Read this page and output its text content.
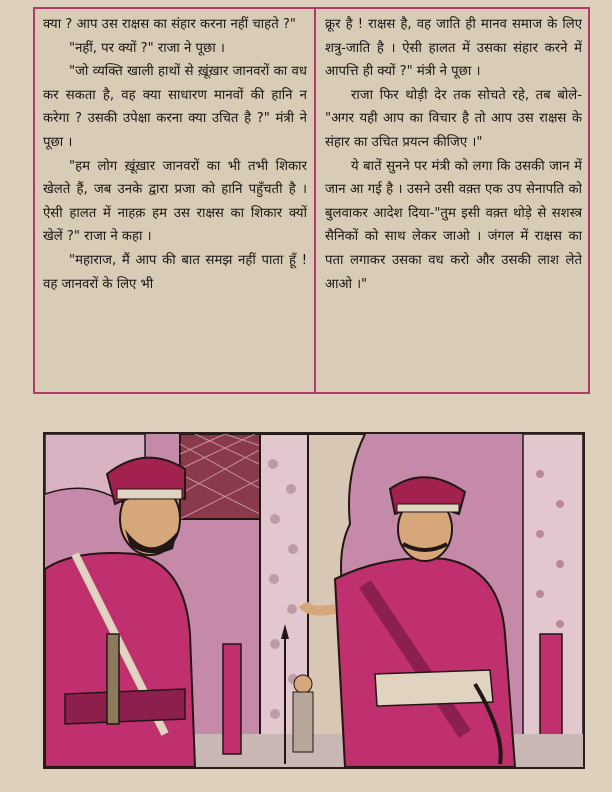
क्या ? आप उस राक्षस का संहार करना नहीं चाहते ?"

"नहीं, पर क्यों ?" राजा ने पूछा ।

"जो व्यक्ति खाली हाथों से ख़ूंख़ार जानवरों का वध कर सकता है, वह क्या साधारण मानवों की हानि न करेगा ? उसकी उपेक्षा करना क्या उचित है ?" मंत्री ने पूछा ।

"हम लोग ख़ूंख़ार जानवरों का भी तभी शिकार खेलते हैं, जब उनके द्वारा प्रजा को हानि पहुँचती है । ऐसी हालत में नाहक़ हम उस राक्षस का शिकार क्यों खेलें ?" राजा ने कहा ।

"महाराज, मैं आप की बात समझ नहीं पाता हूँ ! वह जानवरों के लिए भी

क्रूर है ! राक्षस है, वह जाति ही मानव समाज के लिए शत्रु-जाति है । ऐसी हालत में उसका संहार करने में आपत्ति ही क्यों ?" मंत्री ने पूछा ।

राजा फिर थोड़ी देर तक सोचते रहे, तब बोले-"अगर यही आप का विचार है तो आप उस राक्षस के संहार का उचित प्रयत्न कीजिए ।"

ये बातें सुनने पर मंत्री को लगा कि उसकी जान में जान आ गई है । उसने उसी वक़्त एक उप सेनापति को बुलवाकर आदेश दिया-"तुम इसी वक़्त थोड़े से सशस्त्र सैनिकों को साथ लेकर जाओ । जंगल में राक्षस का पता लगाकर उसका वध करो और उसकी लाश लेते आओ ।"
